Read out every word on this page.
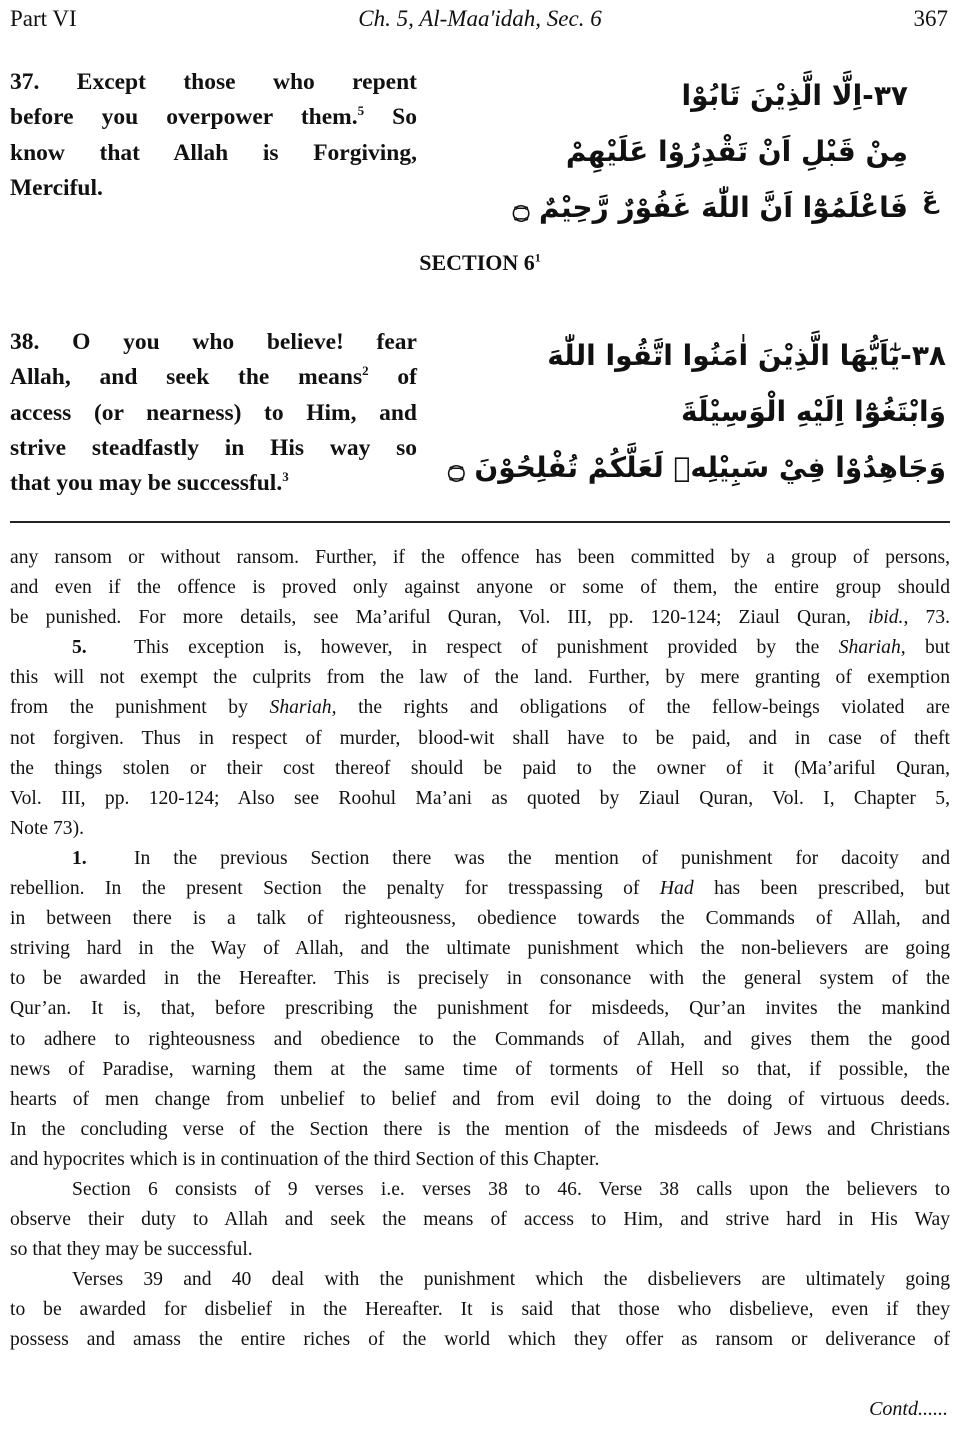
Part VI	Ch. 5, Al-Maa'idah, Sec. 6	367
37. Except those who repent
before you overpower them.$^5$ So
know that Allah is Forgiving,
Merciful.
٣٧-اِلَّا الَّذِيْنَ تَابُوْا
مِنْ قَبْلِ اَنْ تَقْدِرُوْا عَلَيْهِمْ
فَاعْلَمُوْٓا اَنَّ اللّٰهَ غَفُوْرٌ رَّحِيْمٌ ۝ عٓ
SECTION $6^1$
38. O you who believe! fear
Allah, and seek the means$^2$ of
access (or nearness) to Him, and
strive steadfastly in His way so
that you may be successful.$^3$
٣٨-يٰٓاَيُّهَا الَّذِيْنَ اٰمَنُوا اتَّقُوا اللّٰهَ
وَابْتَغُوْٓا اِلَيْهِ الْوَسِيْلَةَ
وَجَاهِدُوْا فِيْ سَبِيْلِهٖ لَعَلَّكُمْ تُفْلِحُوْنَ ۝
any ransom or without ransom. Further, if the offence has been committed by a group of persons,
and even if the offence is proved only against anyone or some of them, the entire group should
be punished. For more details, see Ma’ariful Quran, Vol. III, pp. 120-124; Ziaul Quran, ibid., 73.
5. This exception is, however, in respect of punishment provided by the Shariah, but
this will not exempt the culprits from the law of the land. Further, by mere granting of exemption
from the punishment by Shariah, the rights and obligations of the fellow-beings violated are
not forgiven. Thus in respect of murder, blood-wit shall have to be paid, and in case of theft
the things stolen or their cost thereof should be paid to the owner of it (Ma’ariful Quran,
Vol. III, pp. 120-124; Also see Roohul Ma’ani as quoted by Ziaul Quran, Vol. I, Chapter 5,
Note 73).
1. In the previous Section there was the mention of punishment for dacoity and
rebellion. In the present Section the penalty for tresspassing of Had has been prescribed, but
in between there is a talk of righteousness, obedience towards the Commands of Allah, and
striving hard in the Way of Allah, and the ultimate punishment which the non-believers are going
to be awarded in the Hereafter. This is precisely in consonance with the general system of the
Qur’an. It is, that, before prescribing the punishment for misdeeds, Qur’an invites the mankind
to adhere to righteousness and obedience to the Commands of Allah, and gives them the good
news of Paradise, warning them at the same time of torments of Hell so that, if possible, the
hearts of men change from unbelief to belief and from evil doing to the doing of virtuous deeds.
In the concluding verse of the Section there is the mention of the misdeeds of Jews and Christians
and hypocrites which is in continuation of the third Section of this Chapter.
Section 6 consists of 9 verses i.e. verses 38 to 46. Verse 38 calls upon the believers to
observe their duty to Allah and seek the means of access to Him, and strive hard in His Way
so that they may be successful.
Verses 39 and 40 deal with the punishment which the disbelievers are ultimately going
to be awarded for disbelief in the Hereafter. It is said that those who disbelieve, even if they
possess and amass the entire riches of the world which they offer as ransom or deliverance of
Contd......
